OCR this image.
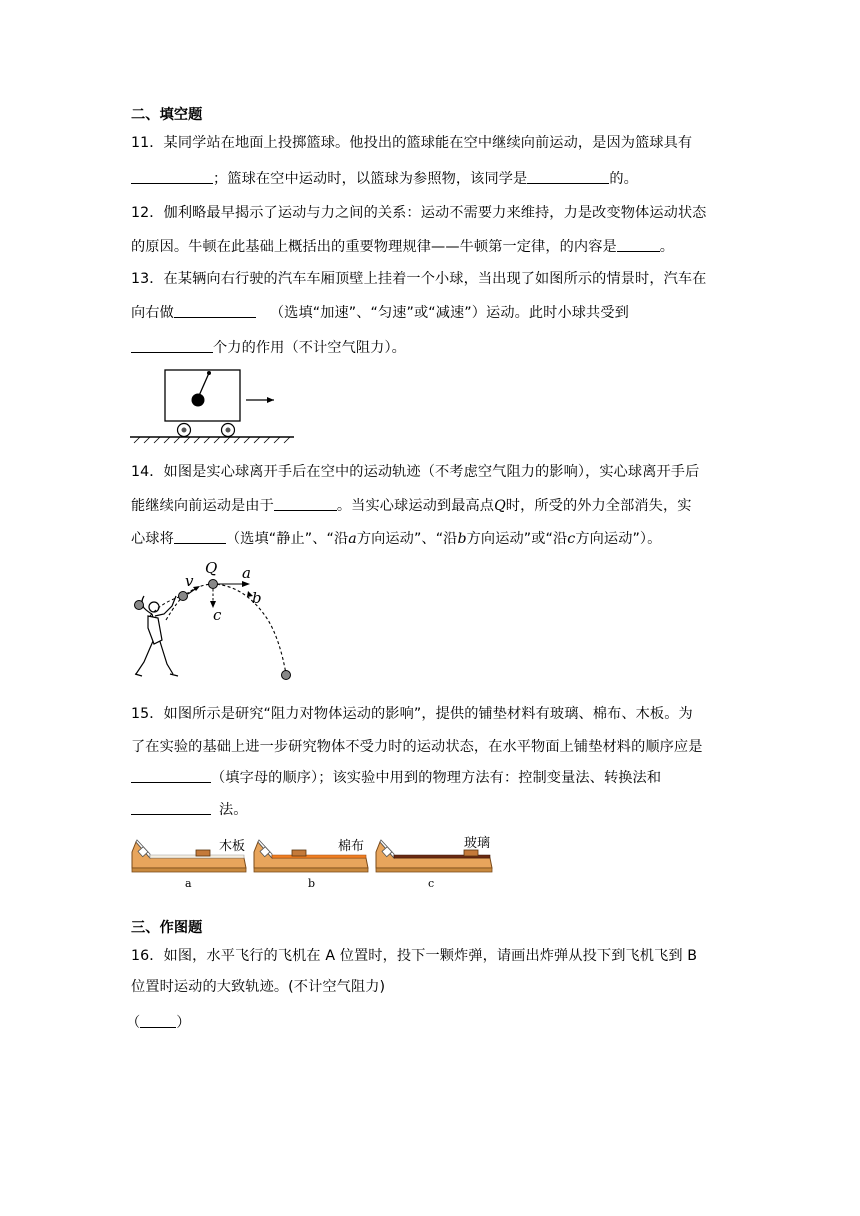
二、填空题
11．某同学站在地面上投掷篮球。他投出的篮球能在空中继续向前运动，是因为篮球具有
；篮球在空中运动时，以篮球为参照物，该同学是	的。
12．伽利略最早揭示了运动与力之间的关系：运动不需要力来维持，力是改变物体运动状态
的原因。牛顿在此基础上概括出的重要物理规律——牛顿第一定律，的内容是	。
13．在某辆向右行驶的汽车车厢顶壁上挂着一个小球，当出现了如图所示的情景时，汽车在
向右做	（选填“加速”、“匀速”或“减速”）运动。此时小球共受到
个力的作用（不计空气阻力）。
14．如图是实心球离开手后在空中的运动轨迹（不考虑空气阻力的影响），实心球离开手后
能继续向前运动是由于	。当实心球运动到最高点Q时，所受的外力全部消失，实
心球将	（选填“静止”、“沿a方向运动”、“沿b方向运动”或“沿c方向运动”）。
v
Q a
b
c
15．如图所示是研究“阻力对物体运动的影响”，提供的铺垫材料有玻璃、棉布、木板。为
了在实验的基础上进一步研究物体不受力时的运动状态，在水平物面上铺垫材料的顺序应是
（填字母的顺序）；该实验中用到的物理方法有：控制变量法、转换法和
法。
木板
a
棉布
b
玻璃
c
三、作图题
16．如图，水平飞行的飞机在 A 位置时，投下一颗炸弹，请画出炸弹从投下到飞机飞到 B
位置时运动的大致轨迹。(不计空气阻力)
（	）
